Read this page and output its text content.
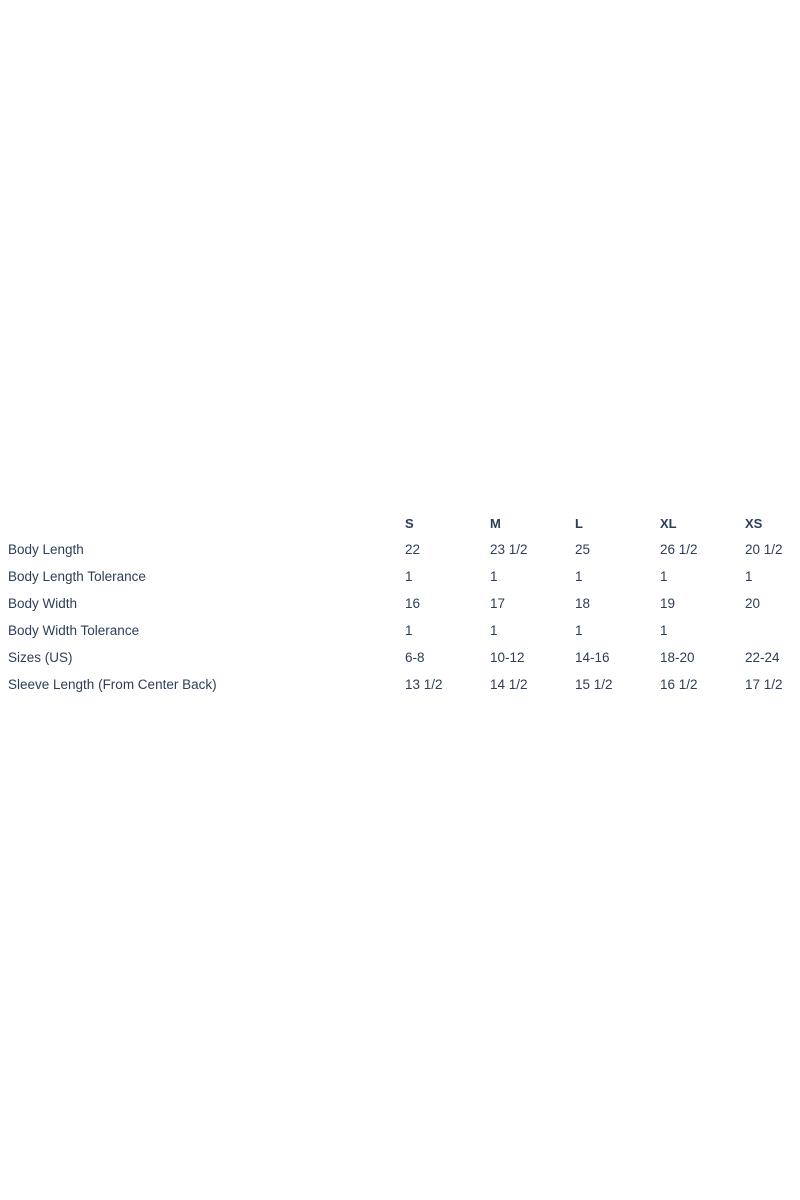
	S	M	L	XL	XS
Body Length	22	23 1/2	25	26 1/2	20 1/2
Body Length Tolerance	1	1	1	1	1
Body Width	16	17	18	19	20
Body Width Tolerance	1	1	1	1	
Sizes (US)	6-8	10-12	14-16	18-20	22-24
Sleeve Length (From Center Back)	13 1/2	14 1/2	15 1/2	16 1/2	17 1/2
